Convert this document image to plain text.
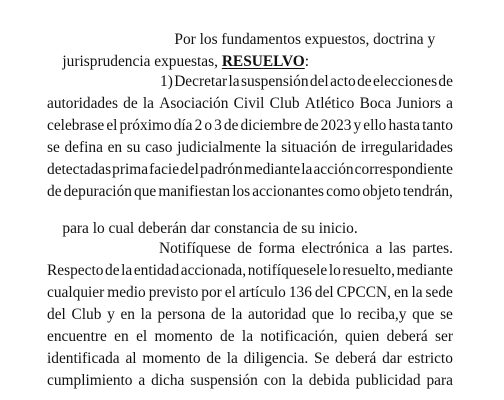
Por los fundamentos expuestos, doctrina y

jurisprudencia expuestas, RESUELVO:

1) Decretar la suspensión del acto de elecciones de
autoridades de la Asociación Civil Club Atlético Boca Juniors a
celebrase el próximo día 2 o 3 de diciembre de 2023 y ello hasta tanto
se defina en su caso judicialmente la situación de irregularidades
detectadas prima facie del padrón mediante la acción correspondiente
de depuración que manifiestan los accionantes como objeto tendrán,

para lo cual deberán dar constancia de su inicio.

Notifíquese de forma electrónica a las partes.
Respecto de la entidad accionada, notifíquesele lo resuelto, mediante
cualquier medio previsto por el artículo 136 del CPCCN, en la sede
del Club y en la persona de la autoridad que lo reciba,y que se
encuentre en el momento de la notificación, quien deberá ser
identificada al momento de la diligencia. Se deberá dar estricto
cumplimiento a dicha suspensión con la debida publicidad para
